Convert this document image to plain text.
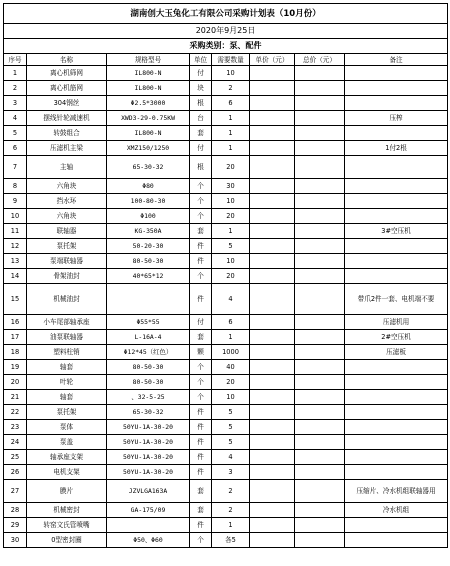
湖南创大玉兔化工有限公司采购计划表（10月份）							
2020年9月25日							
采购类别：泵、配件							
序号	名称	规格型号	单位	需要数量	单价（元）	总价（元）	备注
1	离心机筛网	IL800-N	付	10			
2	离心机筋网	IL800-N	块	2			
3	304钢丝	Φ2.5*3000	根	6			
4	摆线针轮减速机	XWD3-29-0.75KW	台	1			压榨
5	转鼓组合	IL800-N	套	1			
6	压滤机主梁	XMZ150/1250	付	1			1付2根
7	主轴	65-30-32	根	20			
8	六角块	Φ80	个	30			
9	挡水环	100-80-30	个	10			
10	六角块	Φ100	个	20			
11	联轴器	KG-350A	套	1			3#空压机
12	泵托架	50-20-30	件	5			
13	泵端联轴器	80-50-30	件	10			
14	骨架油封	40*65*12	个	20			
15	机械油封		件	4			带爪2件一套、电机端不要
16	小车尾部轴承座	Φ55*55	付	6			压滤机用
17	油泵联轴器	L-16A-4	套	1			2#空压机
18	塑料柱销	Φ12*45（红色）	颗	1000			压滤板
19	轴套	80-50-30	个	40			
20	叶轮	80-50-30	个	20			
21	轴套	、32-5-25	个	10			
22	泵托架	65-30-32	件	5			
23	泵体	50YU-1A-30-20	件	5			
24	泵盖	50YU-1A-30-20	件	5			
25	轴承座支架	50YU-1A-30-20	件	4			
26	电机支架	50YU-1A-30-20	件	3			
27	膜片	JZVLGA163A	套	2			压缩片、冷水机组联轴器用
28	机械密封	GA-175/09	套	2			冷水机组
29	转窑文氏管喷嘴		件	1			
30	0型密封圈	Φ50、Φ60	个	各5			
